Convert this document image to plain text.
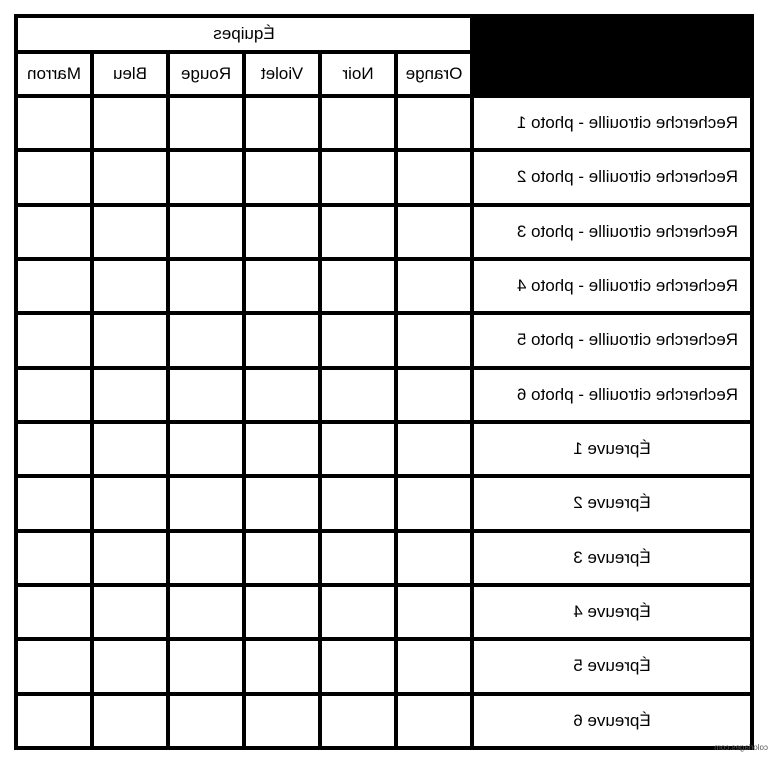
Équipes
Orange
Noir
Violet
Rouge
Bleu
Marron
Recherche citrouille - photo 1
Recherche citrouille - photo 2
Recherche citrouille - photo 3
Recherche citrouille - photo 4
Recherche citrouille - photo 5
Recherche citrouille - photo 6
Épreuve 1
Épreuve 2
Épreuve 3
Épreuve 4
Épreuve 5
Épreuve 6
coloriages.com
